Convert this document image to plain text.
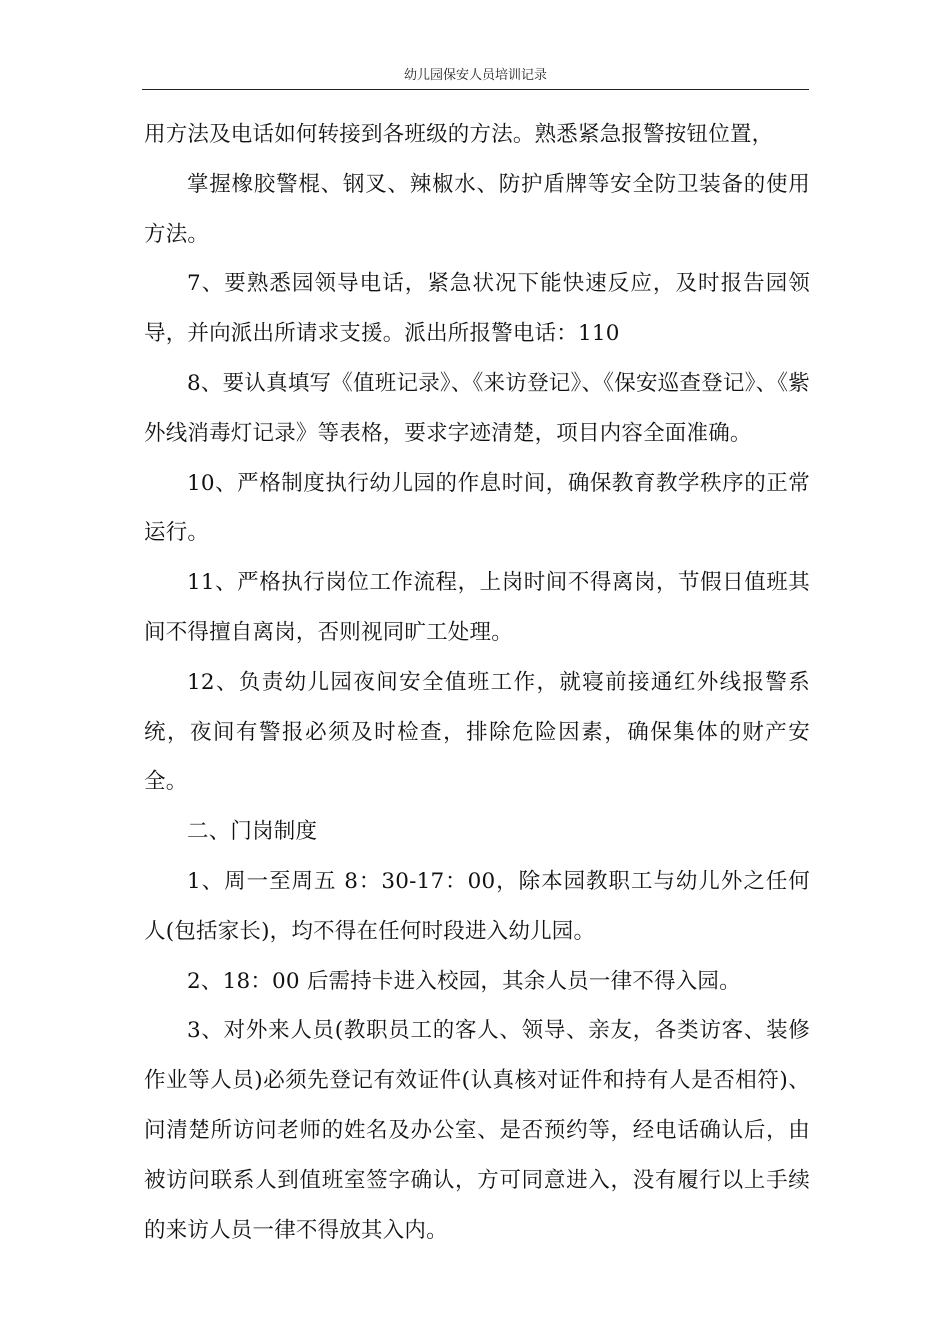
幼儿园保安人员培训记录

用方法及电话如何转接到各班级的方法。熟悉紧急报警按钮位置，

掌握橡胶警棍、钢叉、辣椒水、防护盾牌等安全防卫装备的使用方法。

7、要熟悉园领导电话，紧急状况下能快速反应，及时报告园领导，并向派出所请求支援。派出所报警电话：110

8、要认真填写《值班记录》、《来访登记》、《保安巡查登记》、《紫外线消毒灯记录》等表格，要求字迹清楚，项目内容全面准确。

10、严格制度执行幼儿园的作息时间，确保教育教学秩序的正常运行。

11、严格执行岗位工作流程，上岗时间不得离岗，节假日值班其间不得擅自离岗，否则视同旷工处理。

12、负责幼儿园夜间安全值班工作，就寝前接通红外线报警系统，夜间有警报必须及时检查，排除危险因素，确保集体的财产安全。

二、门岗制度

1、周一至周五 8：30-17：00，除本园教职工与幼儿外之任何人(包括家长)，均不得在任何时段进入幼儿园。

2、18：00 后需持卡进入校园，其余人员一律不得入园。

3、对外来人员(教职员工的客人、领导、亲友，各类访客、装修作业等人员)必须先登记有效证件(认真核对证件和持有人是否相符)、问清楚所访问老师的姓名及办公室、是否预约等，经电话确认后，由被访问联系人到值班室签字确认，方可同意进入，没有履行以上手续的来访人员一律不得放其入内。
